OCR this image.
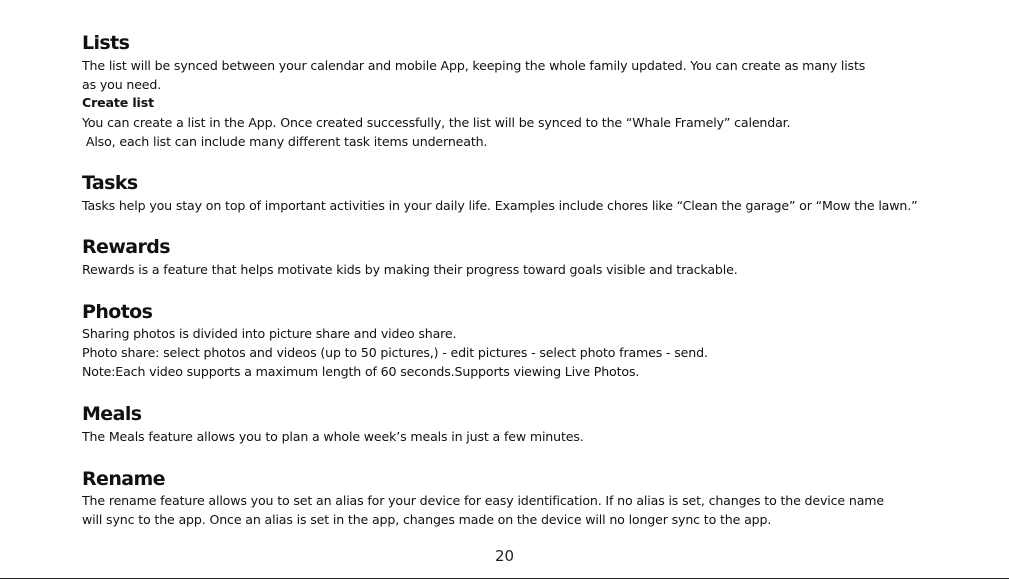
Lists
The list will be synced between your calendar and mobile App, keeping the whole family updated. You can create as many lists
as you need.
Create list
You can create a list in the App. Once created successfully, the list will be synced to the “Whale Framely” calendar.
Also, each list can include many different task items underneath.
Tasks
Tasks help you stay on top of important activities in your daily life. Examples include chores like “Clean the garage” or “Mow the lawn.”
Rewards
Rewards is a feature that helps motivate kids by making their progress toward goals visible and trackable.
Photos
Sharing photos is divided into picture share and video share.
Photo share: select photos and videos (up to 50 pictures,) - edit pictures - select photo frames - send.
Note:Each video supports a maximum length of 60 seconds.Supports viewing Live Photos.
Meals
The Meals feature allows you to plan a whole week’s meals in just a few minutes.
Rename
The rename feature allows you to set an alias for your device for easy identification. If no alias is set, changes to the device name
will sync to the app. Once an alias is set in the app, changes made on the device will no longer sync to the app.
20
